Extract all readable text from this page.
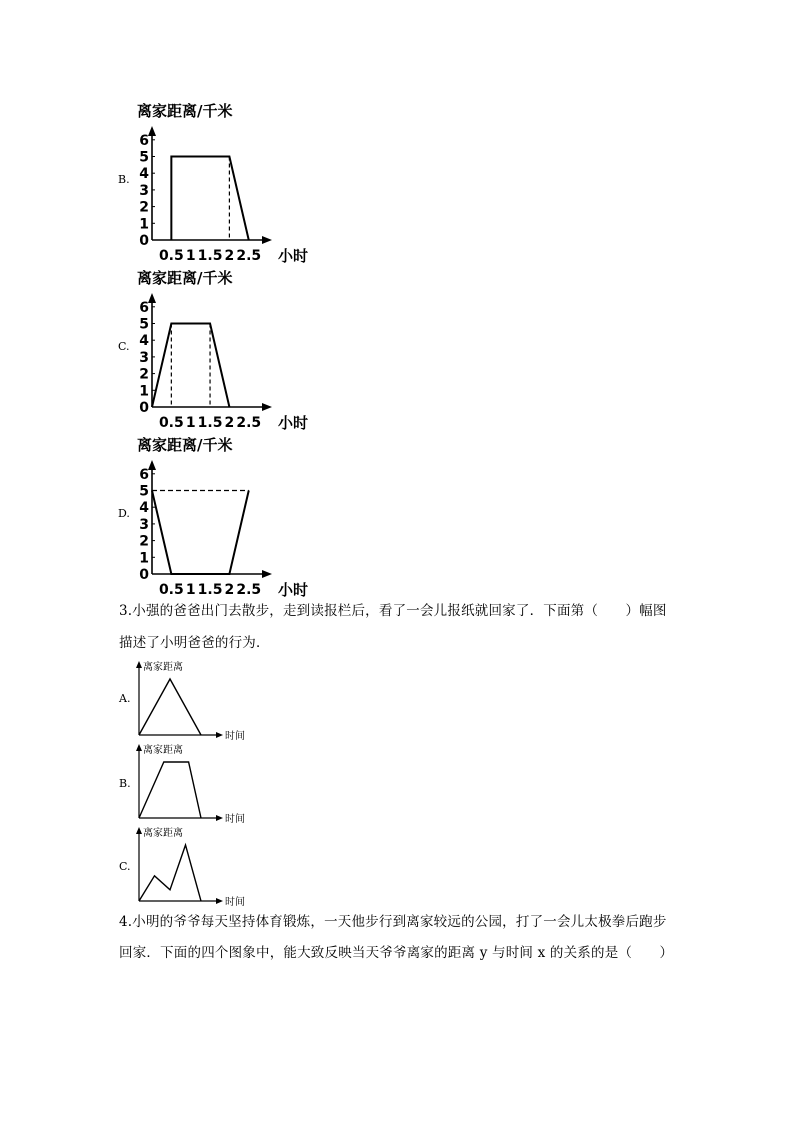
B.
C.
D.
A.
B.
C.
3.小强的爸爸出门去散步，走到读报栏后，看了一会儿报纸就回家了．下面第（　　）幅图
描述了小明爸爸的行为．
4.小明的爷爷每天坚持体育锻炼，一天他步行到离家较远的公园，打了一会儿太极拳后跑步
回家．下面的四个图象中，能大致反映当天爷爷离家的距离 y 与时间 x 的关系的是（　　）
离家距离/千米
0
1
2
3
4
5
6
0.5 1 1.5 2 2.5 小时
离家距离/千米
0
1
2
3
4
5
6
0.5 1 1.5 2 2.5 小时
离家距离/千米
0
1
2
3
4
5
6
0.5 1 1.5 2 2.5 小时
离家距离
时间
离家距离
时间
离家距离
时间
